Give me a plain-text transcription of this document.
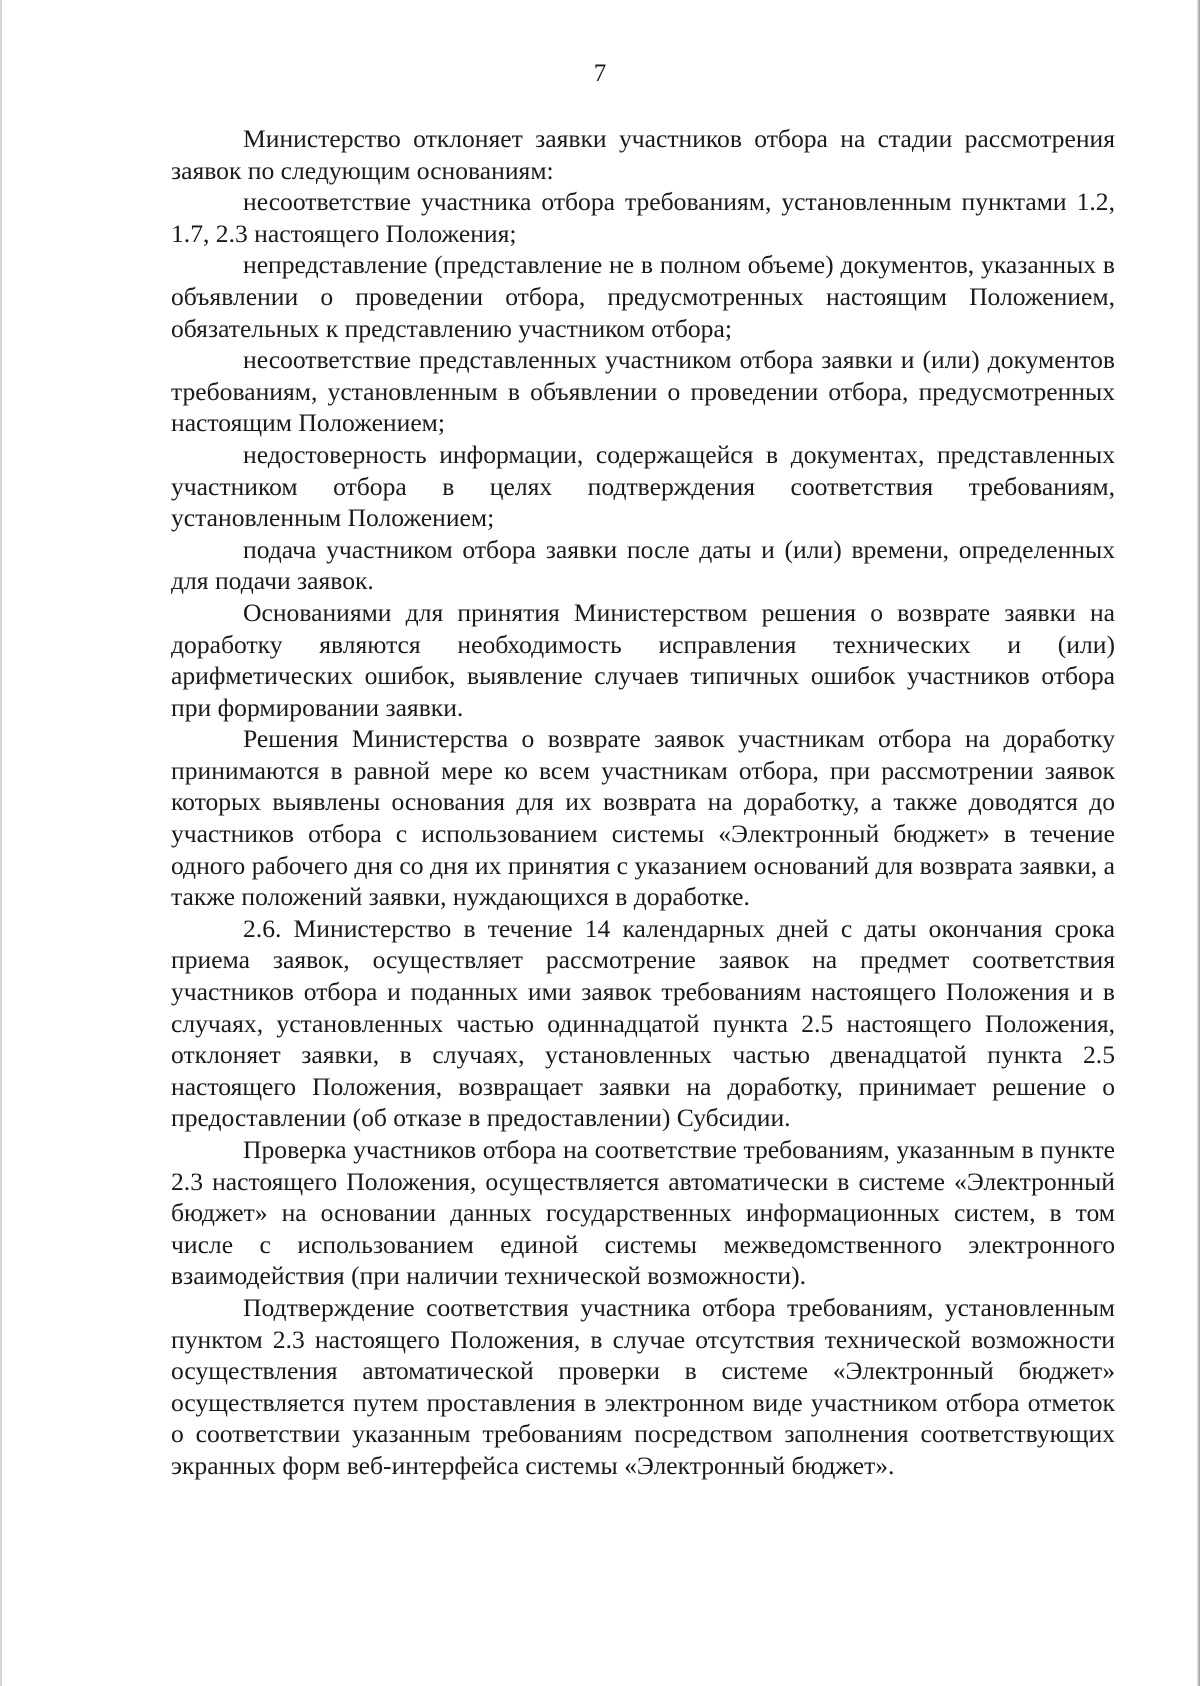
7

Министерство отклоняет заявки участников отбора на стадии рассмотрения заявок по следующим основаниям:

несоответствие участника отбора требованиям, установленным пунктами 1.2, 1.7, 2.3 настоящего Положения;

непредставление (представление не в полном объеме) документов, указанных в объявлении о проведении отбора, предусмотренных настоящим Положением, обязательных к представлению участником отбора;

несоответствие представленных участником отбора заявки и (или) документов требованиям, установленным в объявлении о проведении отбора, предусмотренных настоящим Положением;

недостоверность информации, содержащейся в документах, представленных участником отбора в целях подтверждения соответствия требованиям, установленным Положением;

подача участником отбора заявки после даты и (или) времени, определенных для подачи заявок.

Основаниями для принятия Министерством решения о возврате заявки на доработку являются необходимость исправления технических и (или) арифметических ошибок, выявление случаев типичных ошибок участников отбора при формировании заявки.

Решения Министерства о возврате заявок участникам отбора на доработку принимаются в равной мере ко всем участникам отбора, при рассмотрении заявок которых выявлены основания для их возврата на доработку, а также доводятся до участников отбора с использованием системы «Электронный бюджет» в течение одного рабочего дня со дня их принятия с указанием оснований для возврата заявки, а также положений заявки, нуждающихся в доработке.

2.6. Министерство в течение 14 календарных дней с даты окончания срока приема заявок, осуществляет рассмотрение заявок на предмет соответствия участников отбора и поданных ими заявок требованиям настоящего Положения и в случаях, установленных частью одиннадцатой пункта 2.5 настоящего Положения, отклоняет заявки, в случаях, установленных частью двенадцатой пункта 2.5 настоящего Положения, возвращает заявки на доработку, принимает решение о предоставлении (об отказе в предоставлении) Субсидии.

Проверка участников отбора на соответствие требованиям, указанным в пункте 2.3 настоящего Положения, осуществляется автоматически в системе «Электронный бюджет» на основании данных государственных информационных систем, в том числе с использованием единой системы межведомственного электронного взаимодействия (при наличии технической возможности).

Подтверждение соответствия участника отбора требованиям, установленным пунктом 2.3 настоящего Положения, в случае отсутствия технической возможности осуществления автоматической проверки в системе «Электронный бюджет» осуществляется путем проставления в электронном виде участником отбора отметок о соответствии указанным требованиям посредством заполнения соответствующих экранных форм веб-интерфейса системы «Электронный бюджет».
